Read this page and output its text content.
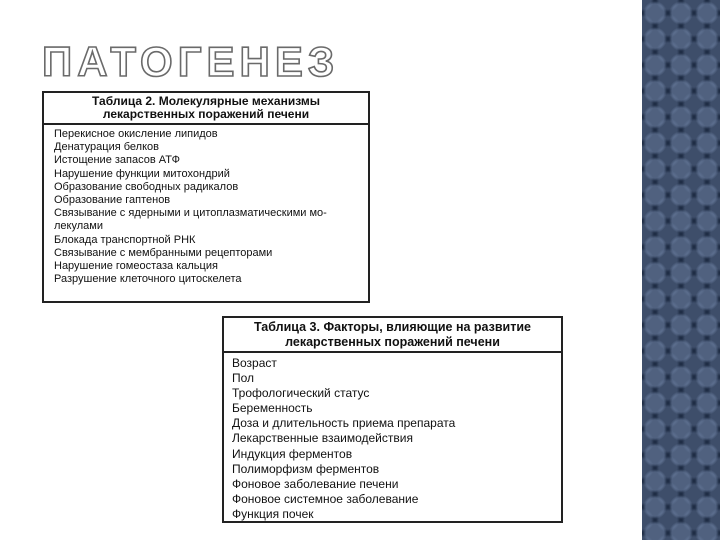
ПАТОГЕНЕЗ
Таблица 2. Молекулярные механизмы
лекарственных поражений печени
Перекисное окисление липидов
Денатурация белков
Истощение запасов АТФ
Нарушение функции митохондрий
Образование свободных радикалов
Образование гаптенов
Связывание с ядерными и цитоплазматическими мо-
лекулами
Блокада транспортной РНК
Связывание с мембранными рецепторами
Нарушение гомеостаза кальция
Разрушение клеточного цитоскелета
Таблица 3. Факторы, влияющие на развитие
лекарственных поражений печени
Возраст
Пол
Трофологический статус
Беременность
Доза и длительность приема препарата
Лекарственные взаимодействия
Индукция ферментов
Полиморфизм ферментов
Фоновое заболевание печени
Фоновое системное заболевание
Функция почек
